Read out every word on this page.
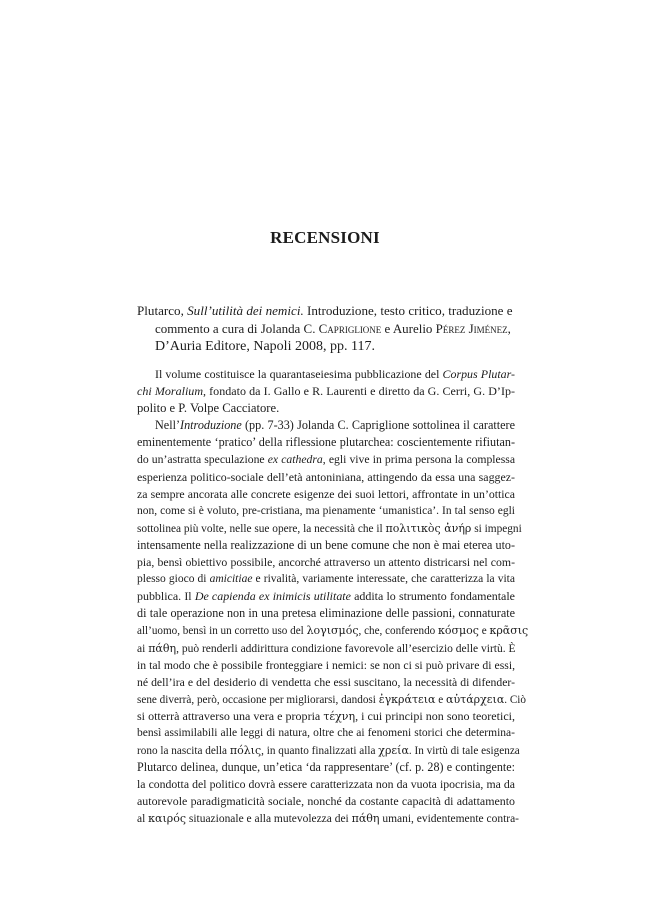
RECENSIONI
Plutarco, Sull’utilità dei nemici. Introduzione, testo critico, traduzione e
commento a cura di Jolanda C. Capriglione e Aurelio Pérez Jiménez,
D’Auria Editore, Napoli 2008, pp. 117.
Il volume costituisce la quarantaseiesima pubblicazione del Corpus Plutar-
chi Moralium, fondato da I. Gallo e R. Laurenti e diretto da G. Cerri, G. D’Ip-
polito e P. Volpe Cacciatore.
Nell’Introduzione (pp. 7-33) Jolanda C. Capriglione sottolinea il carattere
eminentemente ‘pratico’ della riflessione plutarchea: coscientemente rifiutan-
do un’astratta speculazione ex cathedra, egli vive in prima persona la complessa
esperienza politico-sociale dell’età antoniniana, attingendo da essa una saggez-
za sempre ancorata alle concrete esigenze dei suoi lettori, affrontate in un’ottica
non, come si è voluto, pre-cristiana, ma pienamente ‘umanistica’. In tal senso egli
sottolinea più volte, nelle sue opere, la necessità che il πολιτικὸς ἀνήρ si impegni
intensamente nella realizzazione di un bene comune che non è mai eterea uto-
pia, bensì obiettivo possibile, ancorché attraverso un attento districarsi nel com-
plesso gioco di amicitiae e rivalità, variamente interessate, che caratterizza la vita
pubblica. Il De capienda ex inimicis utilitate addita lo strumento fondamentale
di tale operazione non in una pretesa eliminazione delle passioni, connaturate
all’uomo, bensì in un corretto uso del λογισμός, che, conferendo κόσμος e κρᾶσις
ai πάθη, può renderli addirittura condizione favorevole all’esercizio delle virtù. È
in tal modo che è possibile fronteggiare i nemici: se non ci si può privare di essi,
né dell’ira e del desiderio di vendetta che essi suscitano, la necessità di difender-
sene diverrà, però, occasione per migliorarsi, dandosi ἐγκράτεια e αὐτάρχεια. Ciò
si otterrà attraverso una vera e propria τέχνη, i cui principi non sono teoretici,
bensì assimilabili alle leggi di natura, oltre che ai fenomeni storici che determina-
rono la nascita della πόλις, in quanto finalizzati alla χρεία. In virtù di tale esigenza
Plutarco delinea, dunque, un’etica ‘da rappresentare’ (cf. p. 28) e contingente:
la condotta del politico dovrà essere caratterizzata non da vuota ipocrisia, ma da
autorevole paradigmaticità sociale, nonché da costante capacità di adattamento
al καιρός situazionale e alla mutevolezza dei πάθη umani, evidentemente contra-
